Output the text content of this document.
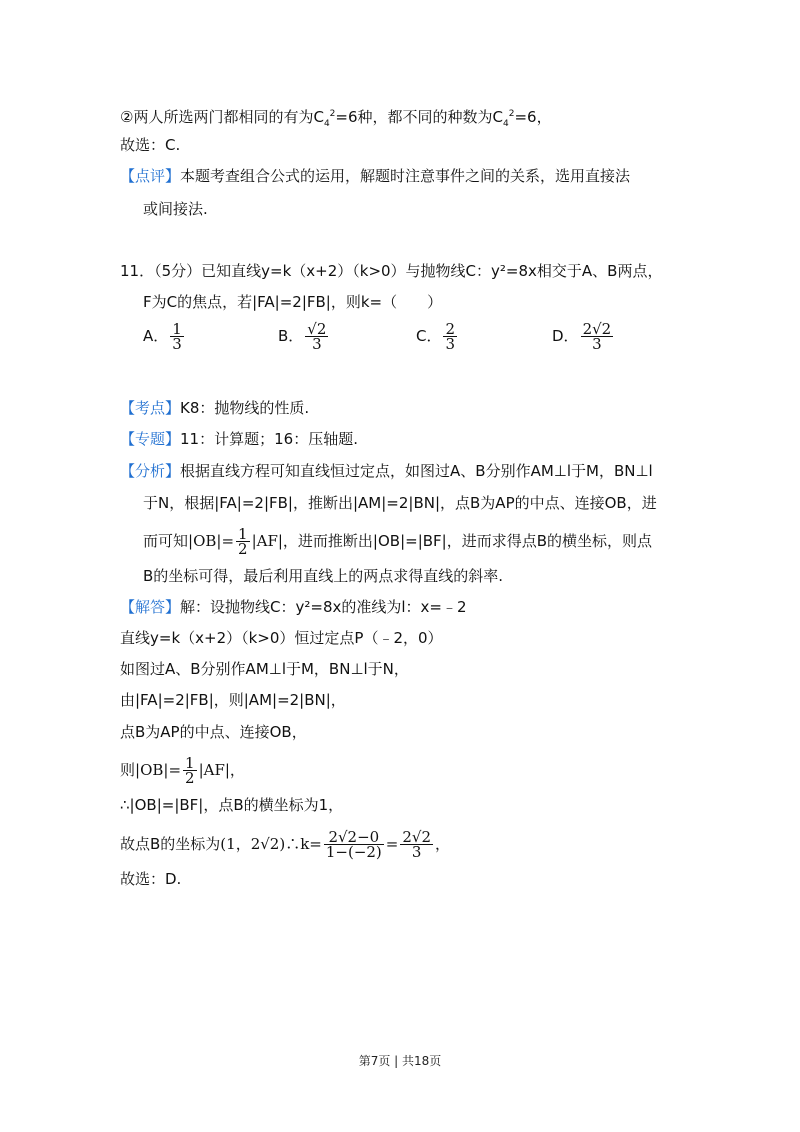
②两人所选两门都相同的有为$C_4^2=6$种，都不同的种数为$C_4^2=6$，
故选：C.
【点评】本题考查组合公式的运用，解题时注意事件之间的关系，选用直接法
或间接法.
11．（5分）已知直线y=k（x+2）（k>0）与抛物线C：y²=8x相交于A、B两点，
F为C的焦点，若|FA|=2|FB|，则k=（　　）
A． $\frac{1}{3}$	B． $\frac{√2}{3}$	C． $\frac{2}{3}$	D． $\frac{2√2}{3}$
【考点】K8：抛物线的性质.
【专题】11：计算题；16：压轴题.
【分析】根据直线方程可知直线恒过定点，如图过A、B分别作AM⊥l于M，BN⊥l
于N，根据|FA|=2|FB|，推断出|AM|=2|BN|，点B为AP的中点、连接OB，进
而可知$|OB|= \frac{1}{2} |AF|$，进而推断出|OB|=|BF|，进而求得点B的横坐标，则点
B的坐标可得，最后利用直线上的两点求得直线的斜率.
【解答】解：设抛物线C：y²=8x的准线为l：x=﹣2
直线y=k（x+2）（k>0）恒过定点P（﹣2，0）
如图过A、B分别作AM⊥l于M，BN⊥l于N，
由|FA|=2|FB|，则|AM|=2|BN|，
点B为AP的中点、连接OB，
则$|OB|= \frac{1}{2} |AF|$，
∴|OB|=|BF|，点B的横坐标为1，
故点B的坐标为(1，2√2)∴k= $\frac{2√2-0}{1-(-2)} = \frac{2√2}{3}$ ，
故选：D.
第7页 | 共18页
